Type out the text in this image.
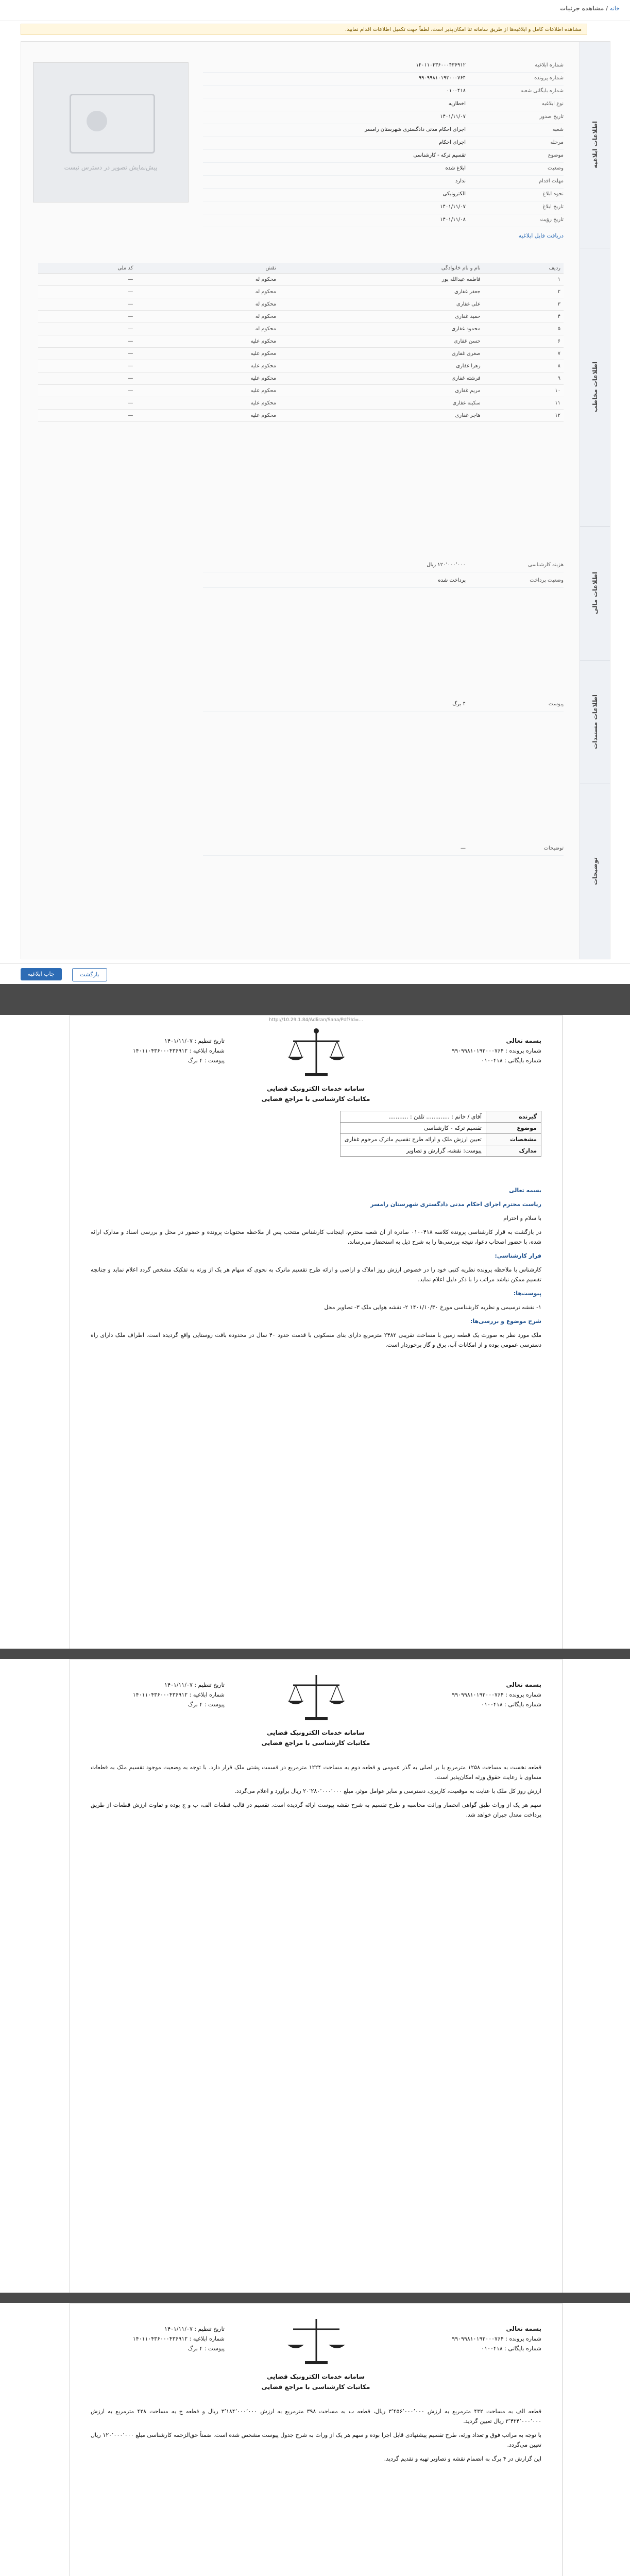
خانه / مشاهده جزئیات
مشاهده اطلاعات کامل و ابلاغیه‌ها از طریق سامانه ثنا امکان‌پذیر است، لطفاً جهت تکمیل اطلاعات اقدام نمایید.
اطلاعات ابلاغیه
اطلاعات مخاطب
اطلاعات مالی
اطلاعات مستندات
توضیحات
پیش‌نمایش تصویر در دسترس نیست
شماره ابلاغیه
۱۴۰۱۱۰۴۳۶۰۰۰۴۳۶۹۱۲
شماره پرونده
۹۹۰۹۹۸۱۰۱۹۳۰۰۰۷۶۴
شماره بایگانی شعبه
۰۱۰۰۴۱۸
نوع ابلاغیه
اخطاریه
تاریخ صدور
۱۴۰۱/۱۱/۰۷
شعبه
اجرای احکام مدنی دادگستری شهرستان رامسر
مرحله
اجرای احکام
موضوع
تقسیم ترکه - کارشناسی
وضعیت
ابلاغ شده
مهلت اقدام
ندارد
نحوه ابلاغ
الکترونیکی
تاریخ ابلاغ
۱۴۰۱/۱۱/۰۷
تاریخ رؤیت
۱۴۰۱/۱۱/۰۸
دریافت فایل ابلاغیه
ردیف	نام و نام خانوادگی	نقش	کد ملی
۱	فاطمه عبدالله پور	محکوم له	—
۲	جعفر غفاری	محکوم له	—
۳	علی غفاری	محکوم له	—
۴	حمید غفاری	محکوم له	—
۵	محمود غفاری	محکوم له	—
۶	حسن غفاری	محکوم علیه	—
۷	صغری غفاری	محکوم علیه	—
۸	زهرا غفاری	محکوم علیه	—
۹	فرشته غفاری	محکوم علیه	—
۱۰	مریم غفاری	محکوم علیه	—
۱۱	سکینه غفاری	محکوم علیه	—
۱۲	هاجر غفاری	محکوم علیه	—
هزینه کارشناسی
۱۲۰٬۰۰۰٬۰۰۰ ریال
وضعیت پرداخت
پرداخت شده
پیوست
۴ برگ
توضیحات
—
چاپ ابلاغیه	بازگشت
http://10.29.1.84/Adliran/Sana/Pdf?Id=...
بسمه تعالی
شماره پرونده : ۹۹۰۹۹۸۱۰۱۹۳۰۰۰۷۶۴
شماره بایگانی : ۰۱۰۰۴۱۸
تاریخ تنظیم : ۱۴۰۱/۱۱/۰۷
شماره ابلاغیه : ۱۴۰۱۱۰۴۳۶۰۰۰۴۳۶۹۱۲
پیوست : ۴ برگ
سامانه خدمات الکترونیک قضایی
مکاتبات کارشناسی با مراجع قضایی
گیرنده	آقای / خانم : ............. تلفن : ...........
موضوع	تقسیم ترکه - کارشناسی
مشخصات	تعیین ارزش ملک و ارائه طرح تقسیم ماترک مرحوم غفاری
مدارک	پیوست: نقشه، گزارش و تصاویر

بسمه تعالی

ریاست محترم اجرای احکام مدنی دادگستری شهرستان رامسر

با سلام و احترام

در بازگشت به قرار کارشناسی پرونده کلاسه ۰۱۰۰۴۱۸ صادره از آن شعبه محترم، اینجانب کارشناس منتخب پس از ملاحظه محتویات پرونده و حضور در محل و بررسی اسناد و مدارک ارائه شده، با حضور اصحاب دعوا، نتیجه بررسی‌ها را به شرح ذیل به استحضار می‌رساند.

قرار کارشناسی:

کارشناس با ملاحظه پرونده نظریه کتبی خود را در خصوص ارزش روز املاک و اراضی و ارائه طرح تقسیم ماترک به نحوی که سهام هر یک از ورثه به تفکیک مشخص گردد اعلام نماید و چنانچه تقسیم ممکن نباشد مراتب را با ذکر دلیل اعلام نماید.

پیوست‌ها:

۱- نقشه ترسیمی و نظریه کارشناسی مورخ ۱۴۰۱/۱۰/۳۰ ۲- نقشه هوایی ملک ۳- تصاویر محل

شرح موضوع و بررسی‌ها:

ملک مورد نظر به صورت یک قطعه زمین با مساحت تقریبی ۲۴۸۲ مترمربع دارای بنای مسکونی با قدمت حدود ۴۰ سال در محدوده بافت روستایی واقع گردیده است. اطراف ملک دارای راه دسترسی عمومی بوده و از امکانات آب، برق و گاز برخوردار است.

بسمه تعالی
شماره پرونده : ۹۹۰۹۹۸۱۰۱۹۳۰۰۰۷۶۴
شماره بایگانی : ۰۱۰۰۴۱۸
تاریخ تنظیم : ۱۴۰۱/۱۱/۰۷
شماره ابلاغیه : ۱۴۰۱۱۰۴۳۶۰۰۰۴۳۶۹۱۲
پیوست : ۴ برگ
سامانه خدمات الکترونیک قضایی
مکاتبات کارشناسی با مراجع قضایی

قطعه نخست به مساحت ۱۲۵۸ مترمربع با بر اصلی به گذر عمومی و قطعه دوم به مساحت ۱۲۲۴ مترمربع در قسمت پشتی ملک قرار دارد. با توجه به وضعیت موجود تقسیم ملک به قطعات مساوی با رعایت حقوق ورثه امکان‌پذیر است.

ارزش روز کل ملک با عنایت به موقعیت، کاربری، دسترسی و سایر عوامل موثر، مبلغ ۲۰٬۲۸۰٬۰۰۰٬۰۰۰ ریال برآورد و اعلام می‌گردد.

سهم هر یک از وراث طبق گواهی انحصار وراثت محاسبه و طرح تقسیم به شرح نقشه پیوست ارائه گردیده است. تقسیم در قالب قطعات الف، ب و ج بوده و تفاوت ارزش قطعات از طریق پرداخت معدل جبران خواهد شد.

بسمه تعالی
شماره پرونده : ۹۹۰۹۹۸۱۰۱۹۳۰۰۰۷۶۴
شماره بایگانی : ۰۱۰۰۴۱۸
تاریخ تنظیم : ۱۴۰۱/۱۱/۰۷
شماره ابلاغیه : ۱۴۰۱۱۰۴۳۶۰۰۰۴۳۶۹۱۲
پیوست : ۴ برگ
سامانه خدمات الکترونیک قضایی
مکاتبات کارشناسی با مراجع قضایی

قطعه الف به مساحت ۴۳۲ مترمربع به ارزش ۳٬۴۵۶٬۰۰۰٬۰۰۰ ریال، قطعه ب به مساحت ۳۹۸ مترمربع به ارزش ۳٬۱۸۴٬۰۰۰٬۰۰۰ ریال و قطعه ج به مساحت ۴۲۸ مترمربع به ارزش ۳٬۴۲۴٬۰۰۰٬۰۰۰ ریال تعیین گردید.

با توجه به مراتب فوق و تعداد ورثه، طرح تقسیم پیشنهادی قابل اجرا بوده و سهم هر یک از وراث به شرح جدول پیوست مشخص شده است. ضمناً حق‌الزحمه کارشناسی مبلغ ۱۲۰٬۰۰۰٬۰۰۰ ریال تعیین می‌گردد.

این گزارش در ۴ برگ به انضمام نقشه و تصاویر تهیه و تقدیم گردید.
